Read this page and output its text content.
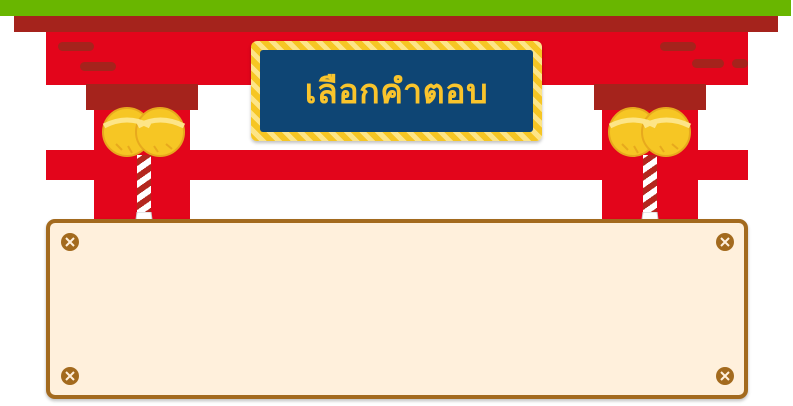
เลือกคำตอบ
